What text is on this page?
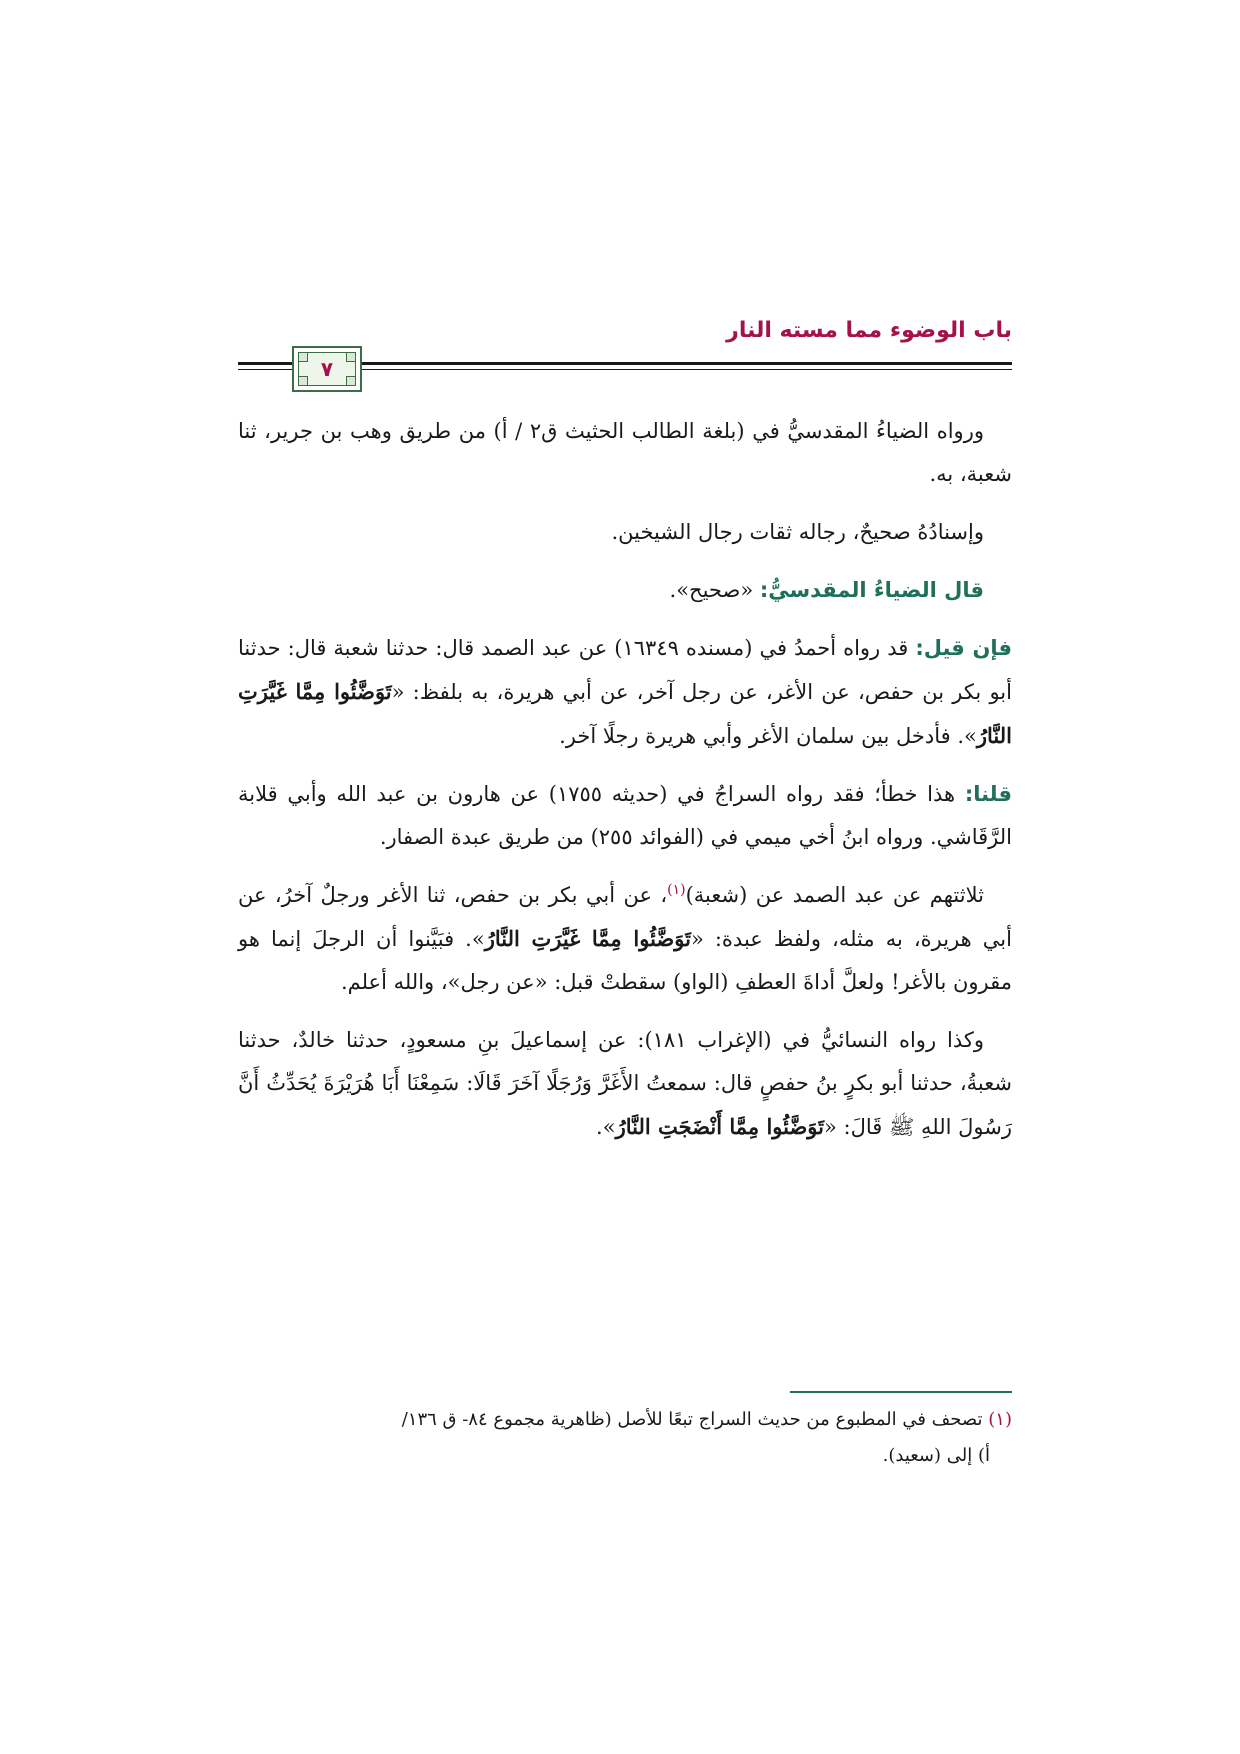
باب الوضوء مما مسته النار
٧

ورواه الضياءُ المقدسيُّ في (بلغة الطالب الحثيث ق٢ / أ) من طريق وهب بن جرير، ثنا شعبة، به.

وإسنادُهُ صحيحٌ، رجاله ثقات رجال الشيخين.

قال الضياءُ المقدسيُّ: «صحيح».

فإن قيل: قد رواه أحمدُ في (مسنده ١٦٣٤٩) عن عبد الصمد قال: حدثنا شعبة قال: حدثنا أبو بكر بن حفص، عن الأغر، عن رجل آخر، عن أبي هريرة، به بلفظ: «تَوَضَّئُوا مِمَّا غَيَّرَتِ النَّارُ». فأدخل بين سلمان الأغر وأبي هريرة رجلًا آخر.

قلنا: هذا خطأ؛ فقد رواه السراجُ في (حديثه ١٧٥٥) عن هارون بن عبد الله وأبي قلابة الرَّقَاشي. ورواه ابنُ أخي ميمي في (الفوائد ٢٥٥) من طريق عبدة الصفار.

ثلاثتهم عن عبد الصمد عن (شعبة)$^{(١)}$، عن أبي بكر بن حفص، ثنا الأغر ورجلٌ آخرُ، عن أبي هريرة، به مثله، ولفظ عبدة: «تَوَضَّئُوا مِمَّا غَيَّرَتِ النَّارُ». فبَيَّنوا أن الرجلَ إنما هو مقرون بالأغر! ولعلَّ أداةَ العطفِ (الواو) سقطتْ قبل: «عن رجل»، والله أعلم.

وكذا رواه النسائيُّ في (الإغراب ١٨١): عن إسماعيلَ بنِ مسعودٍ، حدثنا خالدٌ، حدثنا شعبةُ، حدثنا أبو بكرٍ بنُ حفصٍ قال: سمعتُ الأَغَرَّ وَرُجَلًا آخَرَ قَالَا: سَمِعْنَا أَبَا هُرَيْرَةَ يُحَدِّثُ أَنَّ رَسُولَ اللهِ ﷺ قَالَ: «تَوَضَّئُوا مِمَّا أَنْضَجَتِ النَّارُ».

(١) تصحف في المطبوع من حديث السراج تبعًا للأصل (ظاهرية مجموع ٨٤- ق ١٣٦/
أ) إلى (سعيد).
